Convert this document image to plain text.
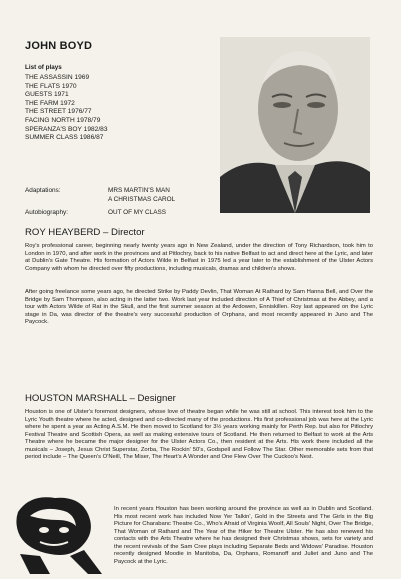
JOHN BOYD
List of plays
THE ASSASSIN 1969
THE FLATS 1970
GUESTS 1971
THE FARM 1972
THE STREET 1976/77
FACING NORTH 1978/79
SPERANZA'S BOY 1982/83
SUMMER CLASS 1986/87
Adaptations:	MRS MARTIN'S MAN
A CHRISTMAS CAROL
Autobiography:	OUT OF MY CLASS
ROY HEAYBERD – Director
Roy's professional career, beginning nearly twenty years ago in New Zealand, under the direction of Tony Richardson, took him to London in 1970, and after work in the provinces and at Pitlochry, back to his native Belfast to act and direct here at the Lyric, and later at Dublin's Gate Theatre. His formation of Actors Wilde in Belfast in 1975 led a year later to the establishment of the Ulster Actors Company with whom he directed over fifty productions, including musicals, dramas and children's shows.
After going freelance some years ago, he directed Strike by Paddy Devlin, That Woman At Rathard by Sam Hanna Bell, and Over the Bridge by Sam Thompson, also acting in the latter two. Work last year included direction of A Thief of Christmas at the Abbey, and a tour with Actors Wilde of Rat in the Skull, and the first summer season at the Ardowen, Enniskillen. Roy last appeared on the Lyric stage in Da, was director of the theatre's very successful production of Orphans, and most recently appeared in Juno and The Paycock.
HOUSTON MARSHALL – Designer
Houston is one of Ulster's foremost designers, whose love of theatre began while he was still at school. This interest took him to the Lyric Youth theatre where he acted, designed and co-directed many of the productions. His first professional job was here at the Lyric where he spent a year as Acting A.S.M. He then moved to Scotland for 3½ years working mainly for Perth Rep. but also for Pitlochry Festival Theatre and Scottish Opera, as well as making extensive tours of Scotland. He then returned to Belfast to work at the Arts Theatre where he became the major designer for the Ulster Actors Co., then resident at the Arts. His work there included all the musicals – Joseph, Jesus Christ Superstar, Zorba, The Rockin' 50's, Godspell and Follow The Star. Other memorable sets from that period include – The Queen's O'Neill, The Miser, The Heart's A Wonder and One Flew Over The Cuckoo's Nest.
In recent years Houston has been working around the province as well as in Dublin and Scotland. His most recent work has included Now Yer Talkin', Gold in the Streets and The Girls in the Big Picture for Charabanc Theatre Co., Who's Afraid of Virginia Woolf, All Souls' Night, Over The Bridge, That Woman of Rathard and The Year of the Hiker for Theatre Ulster. He has also renewed his contacts with the Arts Theatre where he has designed their Christmas shows, sets for variety and the recent revivals of the Sam Cree plays including Separate Beds and Widows' Paradise. Houston recently designed Moodie in Manitoba, Da, Orphans, Romanoff and Juliet and Juno and The Paycock at the Lyric.
